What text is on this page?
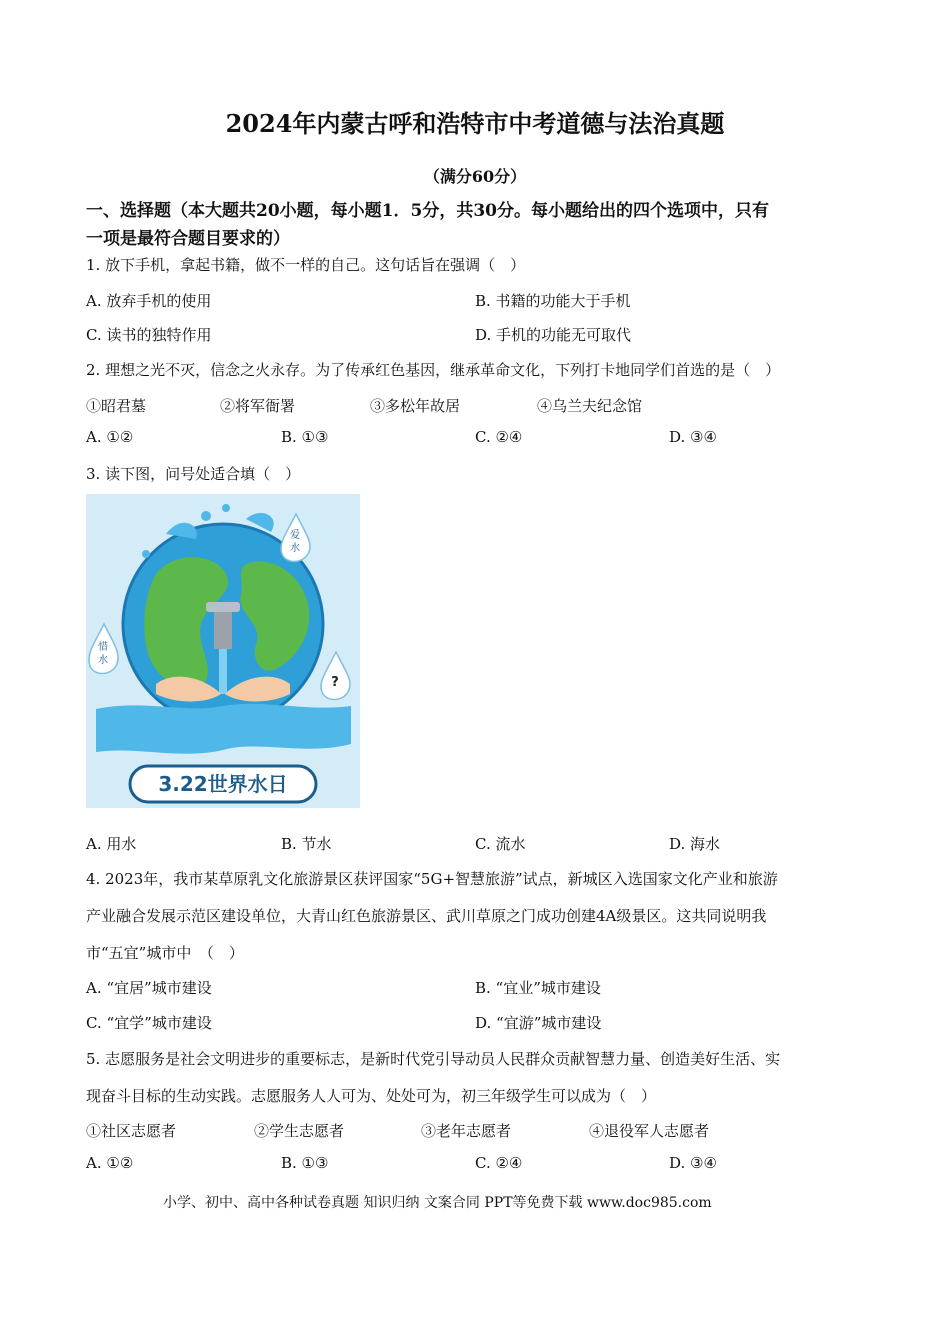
2024年内蒙古呼和浩特市中考道德与法治真题
（满分60分）
一、选择题（本大题共20小题，每小题1．5分，共30分。每小题给出的四个选项中，只有
一项是最符合题目要求的）
1. 放下手机，拿起书籍，做不一样的自己。这句话旨在强调（　）
A. 放弃手机的使用	B. 书籍的功能大于手机
C. 读书的独特作用	D. 手机的功能无可取代
2. 理想之光不灭，信念之火永存。为了传承红色基因，继承革命文化，下列打卡地同学们首选的是（　）
①昭君墓	②将军衙署	③多松年故居	④乌兰夫纪念馆
A. ①②	B. ①③	C. ②④	D. ③④
3. 读下图，问号处适合填（　）
爱
水
惜
水
?
3.22世界水日
A. 用水	B. 节水	C. 流水	D. 海水
4. 2023年，我市某草原乳文化旅游景区获评国家“5G+智慧旅游”试点，新城区入选国家文化产业和旅游
产业融合发展示范区建设单位，大青山红色旅游景区、武川草原之门成功创建4A级景区。这共同说明我
市“五宜”城市中　（　）
A. “宜居”城市建设	B. “宜业”城市建设
C. “宜学”城市建设	D. “宜游”城市建设
5. 志愿服务是社会文明进步的重要标志，是新时代党引导动员人民群众贡献智慧力量、创造美好生活、实
现奋斗目标的生动实践。志愿服务人人可为、处处可为，初三年级学生可以成为（　）
①社区志愿者	②学生志愿者	③老年志愿者	④退役军人志愿者
A. ①②	B. ①③	C. ②④	D. ③④
小学、初中、高中各种试卷真题 知识归纳 文案合同 PPT等免费下载 www.doc985.com
